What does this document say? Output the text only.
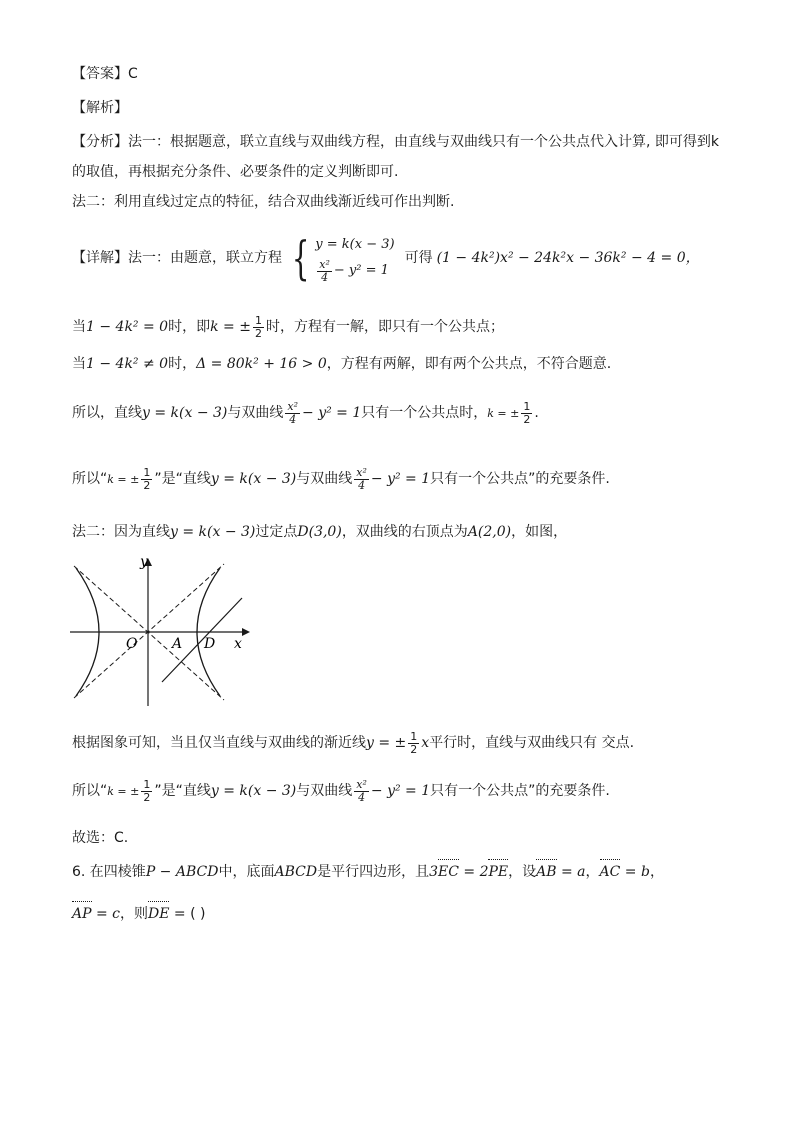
【答案】C
【解析】
【分析】法一：根据题意，联立直线与双曲线方程，由直线与双曲线只有一个公共点代入计算, 即可得到k
的取值，再根据充分条件、必要条件的定义判断即可.
法二：利用直线过定点的特征，结合双曲线渐近线可作出判断.
【详解】 法一：由题意，联立方程 { y = k(x − 3)
$\frac{\text{x²}}{4} - y^2 = 1$
可得 (1 − 4k²)x² − 24k²x − 36k² − 4 = 0，
当1 − 4k² = 0时，即k = ± $\frac{1}{2}$ 时，方程有一解，即只有一个公共点；
当1 − 4k² ≠ 0时，Δ = 80k² + 16 > 0，方程有两解，即有两个公共点，不符合题意.
所以，直线y = k(x − 3)与双曲线 $\frac{\text{x²}}{4} - y^2 = 1$只有一个公共点时，k = ± $\frac{1}{2}$ .
所以“k = ± $\frac{1}{2}$ ”是“直线y = k(x − 3)与双曲线 $\frac{\text{x²}}{4} - y^2 = 1$只有一个公共点”的充要条件.
法二：因为直线y = k(x − 3)过定点D(3,0)，双曲线的右顶点为A(2,0)，如图，
y
x
O A D
根据图象可知，当且仅当直线与双曲线的渐近线y = ± $\frac{1}{2}$ x平行时，直线与双曲线只有 交点.
所以“k = ± $\frac{1}{2}$ ”是“直线y = k(x − 3)与双曲线 $\frac{\text{x²}}{4} - y^2 = 1$只有一个公共点”的充要条件.
故选：C.
6. 在四棱锥P − ABCD中，底面ABCD是平行四边形，且3EC = 2PE，设AB = a，AC = b，
AP = c，则DE = ( )
